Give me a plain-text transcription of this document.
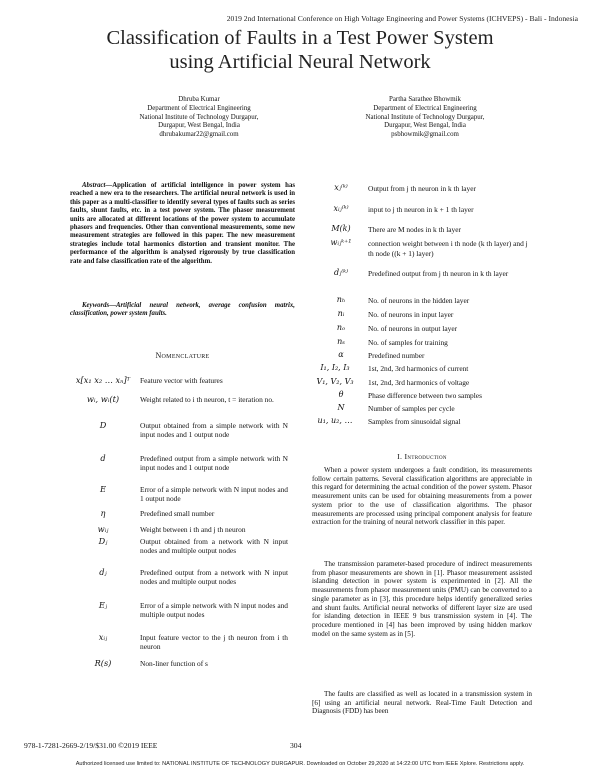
2019 2nd International Conference on High Voltage Engineering and Power Systems (ICHVEPS) - Bali - Indonesia
Classification of Faults in a Test Power System
using Artificial Neural Network
Dhruba Kumar
Department of Electrical Engineering
National Institute of Technology Durgapur,
Durgapur, West Bengal, India
dhrubakumar22@gmail.com
Partha Sarathee Bhowmik
Department of Electrical Engineering
National Institute of Technology Durgapur,
Durgapur, West Bengal, India
psbhowmik@gmail.com
Abstract—Application of artificial intelligence in power system has reached a new era to the researchers. The artificial neural network is used in this paper as a multi-classifier to identify several types of faults such as series faults, shunt faults, etc. in a test power system. The phasor measurement units are allocated at different locations of the power system to accumulate phasors and frequencies. Other than conventional measurements, some new measurement strategies are followed in this paper. The new measurement strategies include total harmonics distortion and transient monitor. The performance of the algorithm is analysed rigorously by true classification rate and false classification rate of the algorithm.
Keywords—Artificial neural network, average confusion matrix, classification, power system faults.
Nomenclature
x[x₁ x₂ … xₙ]ᵀ	Feature vector with features
wᵢ, wᵢ(t)	Weight related to i th neuron, t = iteration no.
D	Output obtained from a simple network with N input nodes and 1 output node
d	Predefined output from a simple network with N input nodes and 1 output node
E	Error of a simple network with N input nodes and 1 output node
η	Predefined small number
wᵢⱼ	Weight between i th and j th neuron
Dⱼ	Output obtained from a network with N input nodes and multiple output nodes
dⱼ	Predefined output from a network with N input nodes and multiple output nodes
Eⱼ	Error of a simple network with N input nodes and multiple output nodes
xᵢⱼ	Input feature vector to the j th neuron from i th neuron
R(s)	Non-liner function of s
xⱼ⁽ᵏ⁾	Output from j th neuron in k th layer
xᵢⱼ⁽ᵏ⁾	input to j th neuron in k + 1 th layer
M(k)	There are M nodes in k th layer
wᵢⱼᵏ⁺¹	connection weight between i th node (k th layer) and j th node ((k + 1) layer)
dⱼ⁽ᵏ⁾	Predefined output from j th neuron in k th layer
nₕ	No. of neurons in the hidden layer
nᵢ	No. of neurons in input layer
nₒ	No. of neurons in output layer
nₛ	No. of samples for training
α	Predefined number
I₁, I₂, I₃	1st, 2nd, 3rd harmonics of current
V₁, V₂, V₃	1st, 2nd, 3rd harmonics of voltage
θ	Phase difference between two samples
N	Number of samples per cycle
u₁, u₂, …	Samples from sinusoidal signal
I. Introduction
When a power system undergoes a fault condition, its measurements follow certain patterns. Several classification algorithms are appreciable in this regard for determining the actual condition of the power system. Phasor measurement units can be used for obtaining measurements from a power system prior to the use of classification algorithms. The phasor measurements are processed using principal component analysis for feature extraction for the training of neural network classifier in this paper.
The transmission parameter-based procedure of indirect measurements from phasor measurements are shown in [1]. Phasor measurement assisted islanding detection in power system is experimented in [2]. All the measurements from phasor measurement units (PMU) can be converted to a single parameter as in [3], this procedure helps identify generalized series and shunt faults. Artificial neural networks of different layer size are used for islanding detection in IEEE 9 bus transmission system in [4]. The procedure mentioned in [4] has been improved by using hidden markov model on the same system as in [5].
The faults are classified as well as located in a transmission system in [6] using an artificial neural network. Real-Time Fault Detection and Diagnosis (FDD) has been
978-1-7281-2669-2/19/$31.00 ©2019 IEEE	304
Authorized licensed use limited to: NATIONAL INSTITUTE OF TECHNOLOGY DURGAPUR. Downloaded on October 29,2020 at 14:22:00 UTC from IEEE Xplore. Restrictions apply.
